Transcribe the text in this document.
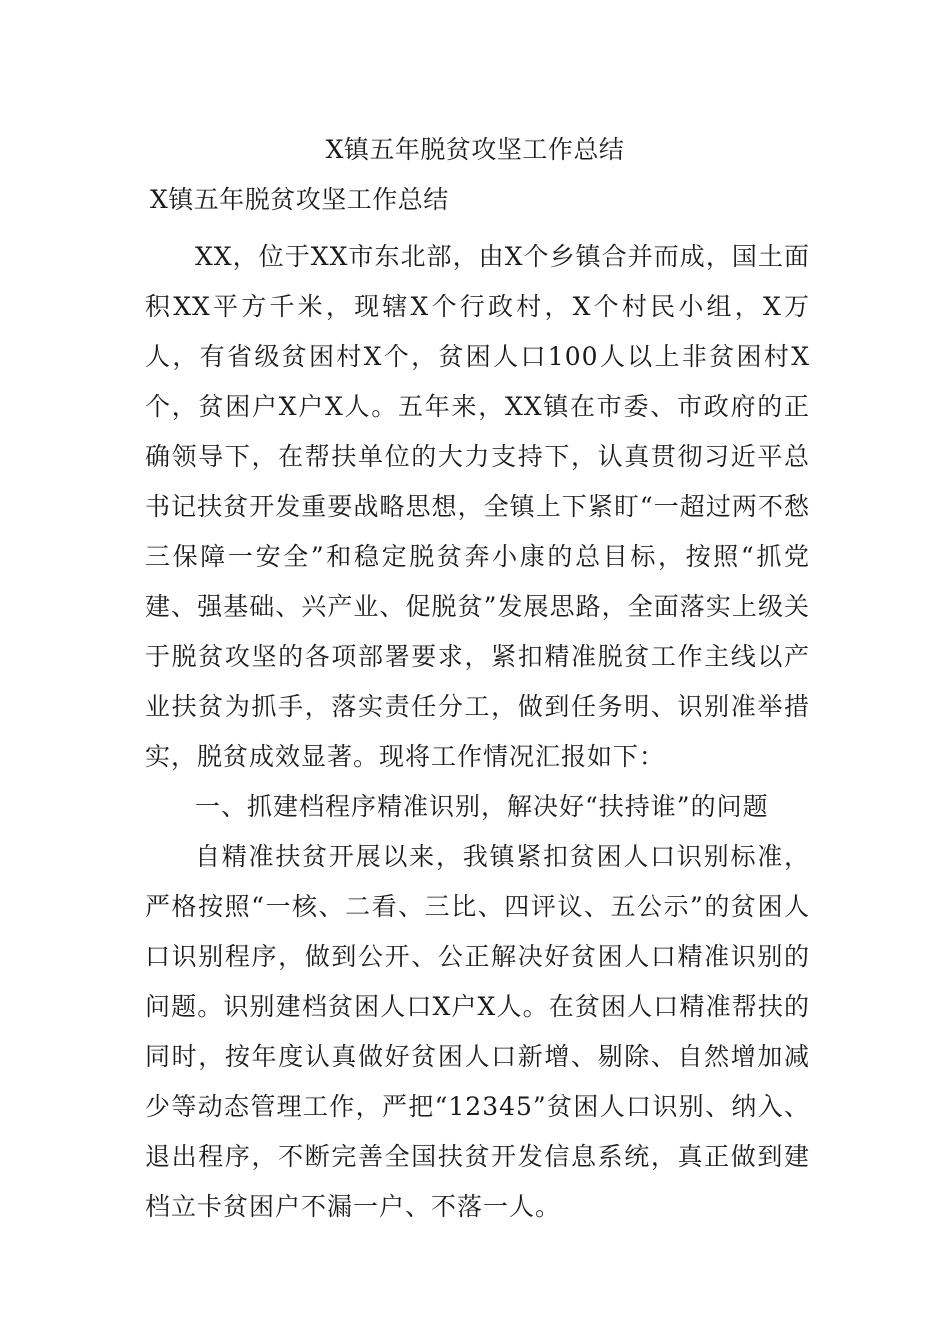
X镇五年脱贫攻坚工作总结
X镇五年脱贫攻坚工作总结

XX，位于XX市东北部，由X个乡镇合并而成，国土面积XX平方千米，现辖X个行政村，X个村民小组，X万人，有省级贫困村X个，贫困人口100人以上非贫困村X个，贫困户X户X人。五年来，XX镇在市委、市政府的正确领导下，在帮扶单位的大力支持下，认真贯彻习近平总书记扶贫开发重要战略思想，全镇上下紧盯“一超过两不愁三保障一安全”和稳定脱贫奔小康的总目标，按照“抓党建、强基础、兴产业、促脱贫”发展思路，全面落实上级关于脱贫攻坚的各项部署要求，紧扣精准脱贫工作主线以产业扶贫为抓手，落实责任分工，做到任务明、识别准举措实，脱贫成效显著。现将工作情况汇报如下：

一、抓建档程序精准识别，解决好“扶持谁”的问题

自精准扶贫开展以来，我镇紧扣贫困人口识别标准，严格按照“一核、二看、三比、四评议、五公示”的贫困人口识别程序，做到公开、公正解决好贫困人口精准识别的问题。识别建档贫困人口X户X人。在贫困人口精准帮扶的同时，按年度认真做好贫困人口新增、剔除、自然增加减少等动态管理工作，严把“12345”贫困人口识别、纳入、退出程序，不断完善全国扶贫开发信息系统，真正做到建档立卡贫困户不漏一户、不落一人。
